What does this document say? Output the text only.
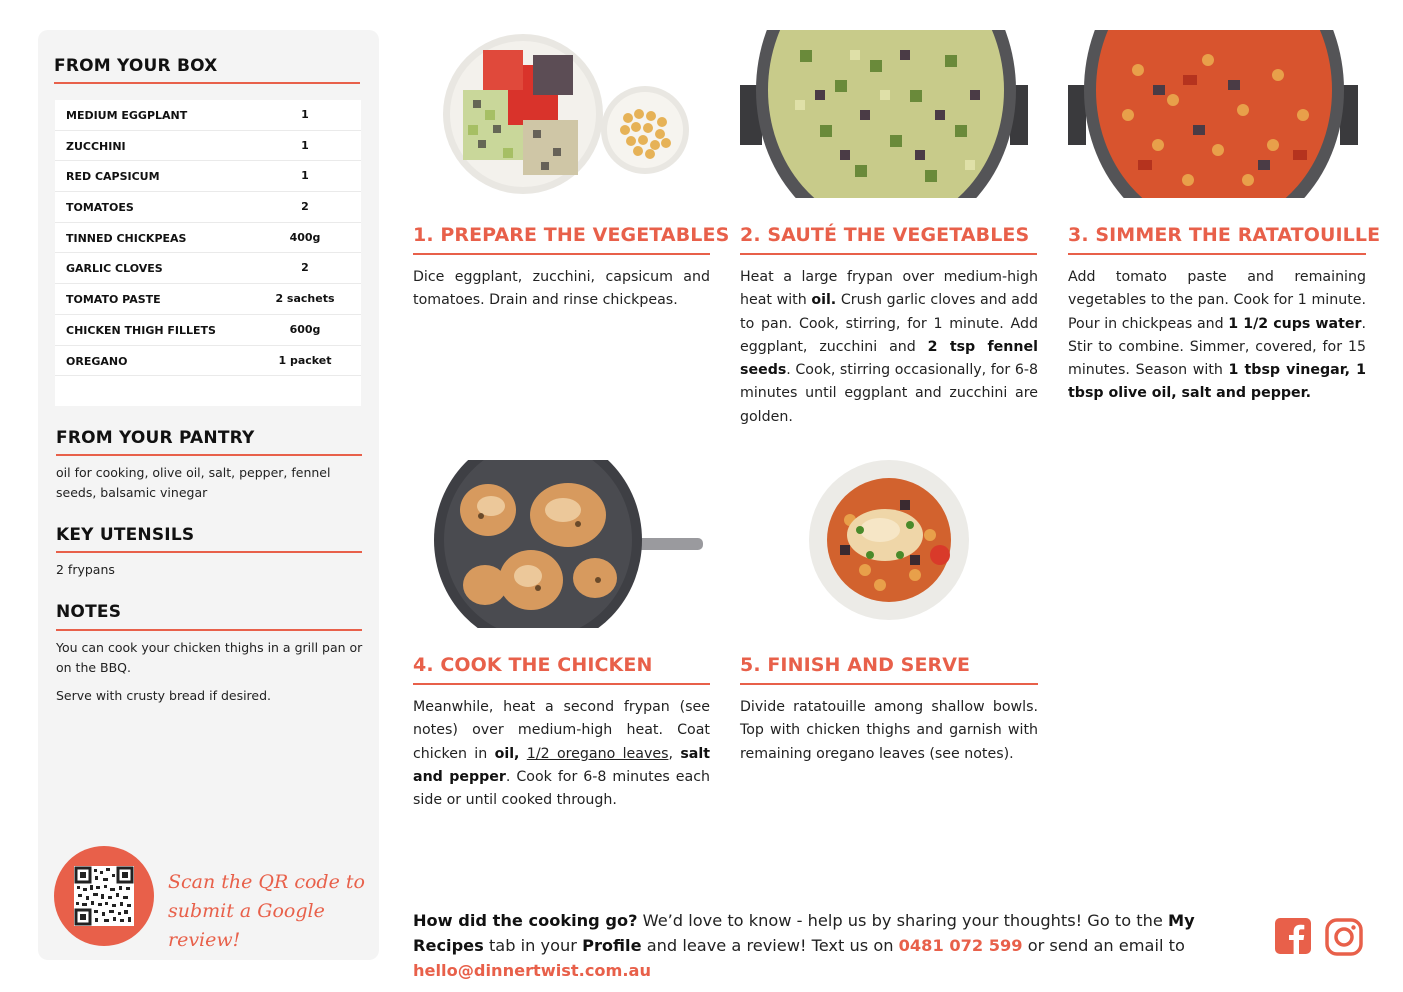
FROM YOUR BOX
MEDIUM EGGPLANT	1
ZUCCHINI	1
RED CAPSICUM	1
TOMATOES	2
TINNED CHICKPEAS	400g
GARLIC CLOVES	2
TOMATO PASTE	2 sachets
CHICKEN THIGH FILLETS	600g
OREGANO	1 packet
FROM YOUR PANTRY
oil for cooking, olive oil, salt, pepper, fennel seeds, balsamic vinegar
KEY UTENSILS
2 frypans
NOTES
You can cook your chicken thighs in a grill pan or on the BBQ.
Serve with crusty bread if desired.
Scan the QR code to
submit a Google review!
1. PREPARE THE VEGETABLES
Dice eggplant, zucchini, capsicum and tomatoes. Drain and rinse chickpeas.
2. SAUTÉ THE VEGETABLES
Heat a large frypan over medium-high heat with oil. Crush garlic cloves and add to pan. Cook, stirring, for 1 minute. Add eggplant, zucchini and 2 tsp fennel seeds. Cook, stirring occasionally, for 6-8 minutes until eggplant and zucchini are golden.
3. SIMMER THE RATATOUILLE
Add tomato paste and remaining vegetables to the pan. Cook for 1 minute. Pour in chickpeas and 1 1/2 cups water. Stir to combine. Simmer, covered, for 15 minutes. Season with 1 tbsp vinegar, 1 tbsp olive oil, salt and pepper.
4. COOK THE CHICKEN
Meanwhile, heat a second frypan (see notes) over medium-high heat. Coat chicken in oil, 1/2 oregano leaves, salt and pepper. Cook for 6-8 minutes each side or until cooked through.
5. FINISH AND SERVE
Divide ratatouille among shallow bowls. Top with chicken thighs and garnish with remaining oregano leaves (see notes).
How did the cooking go? We’d love to know - help us by sharing your thoughts! Go to the My Recipes tab in your Profile and leave a review! Text us on 0481 072 599 or send an email to hello@dinnertwist.com.au
